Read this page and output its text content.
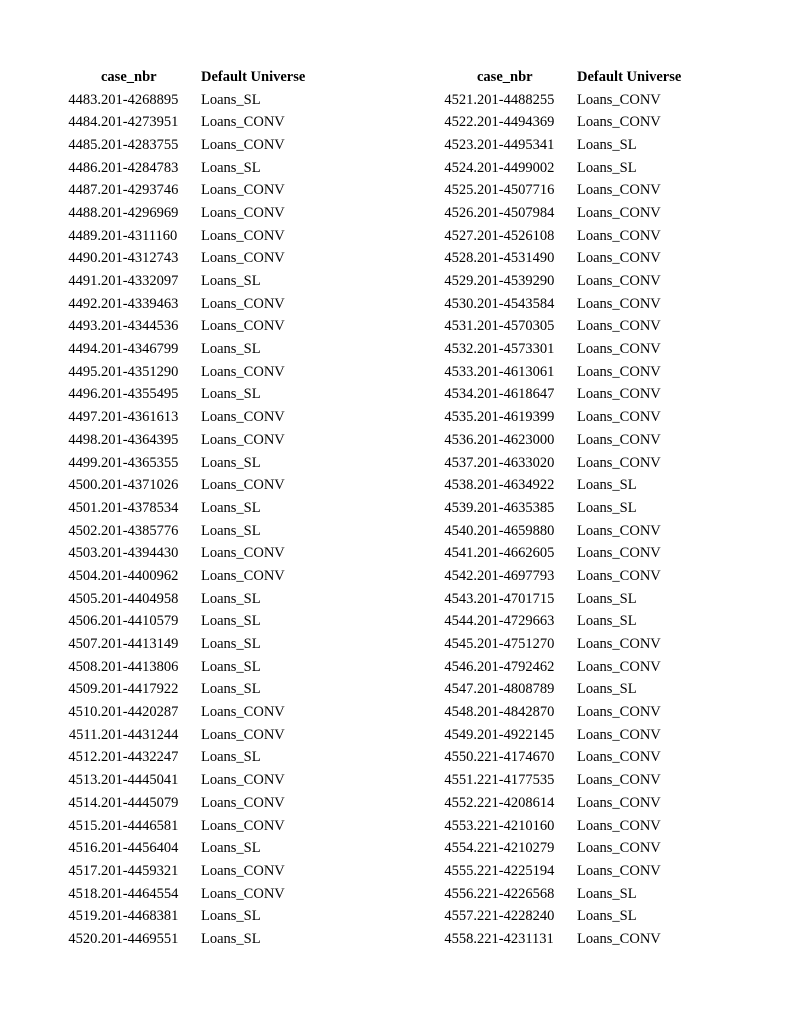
	case_nbr	Default Universe
4483.	201-4268895	Loans_SL
4484.	201-4273951	Loans_CONV
4485.	201-4283755	Loans_CONV
4486.	201-4284783	Loans_SL
4487.	201-4293746	Loans_CONV
4488.	201-4296969	Loans_CONV
4489.	201-4311160	Loans_CONV
4490.	201-4312743	Loans_CONV
4491.	201-4332097	Loans_SL
4492.	201-4339463	Loans_CONV
4493.	201-4344536	Loans_CONV
4494.	201-4346799	Loans_SL
4495.	201-4351290	Loans_CONV
4496.	201-4355495	Loans_SL
4497.	201-4361613	Loans_CONV
4498.	201-4364395	Loans_CONV
4499.	201-4365355	Loans_SL
4500.	201-4371026	Loans_CONV
4501.	201-4378534	Loans_SL
4502.	201-4385776	Loans_SL
4503.	201-4394430	Loans_CONV
4504.	201-4400962	Loans_CONV
4505.	201-4404958	Loans_SL
4506.	201-4410579	Loans_SL
4507.	201-4413149	Loans_SL
4508.	201-4413806	Loans_SL
4509.	201-4417922	Loans_SL
4510.	201-4420287	Loans_CONV
4511.	201-4431244	Loans_CONV
4512.	201-4432247	Loans_SL
4513.	201-4445041	Loans_CONV
4514.	201-4445079	Loans_CONV
4515.	201-4446581	Loans_CONV
4516.	201-4456404	Loans_SL
4517.	201-4459321	Loans_CONV
4518.	201-4464554	Loans_CONV
4519.	201-4468381	Loans_SL
4520.	201-4469551	Loans_SL
	case_nbr	Default Universe
4521.	201-4488255	Loans_CONV
4522.	201-4494369	Loans_CONV
4523.	201-4495341	Loans_SL
4524.	201-4499002	Loans_SL
4525.	201-4507716	Loans_CONV
4526.	201-4507984	Loans_CONV
4527.	201-4526108	Loans_CONV
4528.	201-4531490	Loans_CONV
4529.	201-4539290	Loans_CONV
4530.	201-4543584	Loans_CONV
4531.	201-4570305	Loans_CONV
4532.	201-4573301	Loans_CONV
4533.	201-4613061	Loans_CONV
4534.	201-4618647	Loans_CONV
4535.	201-4619399	Loans_CONV
4536.	201-4623000	Loans_CONV
4537.	201-4633020	Loans_CONV
4538.	201-4634922	Loans_SL
4539.	201-4635385	Loans_SL
4540.	201-4659880	Loans_CONV
4541.	201-4662605	Loans_CONV
4542.	201-4697793	Loans_CONV
4543.	201-4701715	Loans_SL
4544.	201-4729663	Loans_SL
4545.	201-4751270	Loans_CONV
4546.	201-4792462	Loans_CONV
4547.	201-4808789	Loans_SL
4548.	201-4842870	Loans_CONV
4549.	201-4922145	Loans_CONV
4550.	221-4174670	Loans_CONV
4551.	221-4177535	Loans_CONV
4552.	221-4208614	Loans_CONV
4553.	221-4210160	Loans_CONV
4554.	221-4210279	Loans_CONV
4555.	221-4225194	Loans_CONV
4556.	221-4226568	Loans_SL
4557.	221-4228240	Loans_SL
4558.	221-4231131	Loans_CONV
